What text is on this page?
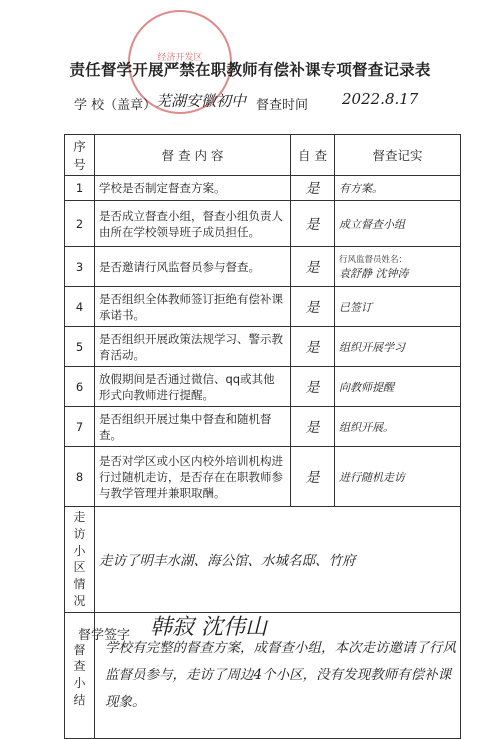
经济开发区
责任督学开展严禁在职教师有偿补课专项督查记录表
学 校（盖章） 芜湖安徽初中 督查时间 2022.8.17
序号	督 查 内 容	自 查	督查记实
1	学校是否制定督查方案。	是	有方案。
2	是否成立督查小组，督查小组负责人由所在学校领导班子成员担任。	是	成立督查小组
3	是否邀请行风监督员参与督查。	是	行风监督员姓名：
袁舒静 沈钟涛
4	是否组织全体教师签订拒绝有偿补课承诺书。	是	已签订
5	是否组织开展政策法规学习、警示教育活动。	是	组织开展学习
6	放假期间是否通过微信、qq或其他形式向教师进行提醒。	是	向教师提醒
7	是否组织开展过集中督查和随机督查。	是	组织开展。
8	是否对学区或小区内校外培训机构进行过随机走访，是否存在在职教师参与教学管理并兼职取酬。	是	进行随机走访
走访小区情况	走访了明丰水湖、海公馆、水城名邸、竹府		
督查小结	学校有完整的督查方案，成督查小组，本次走访邀请了行风监督员参与，走访了周边4个小区，没有发现教师有偿补课现象。		
督学签字 韩寂 沈伟山
